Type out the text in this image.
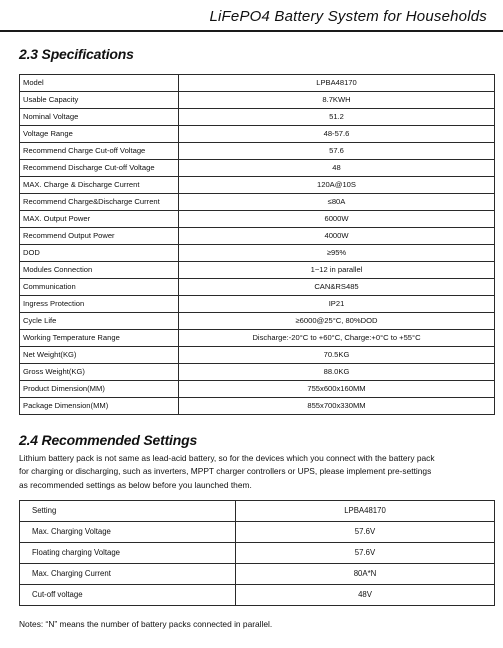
LiFePO4 Battery System for Households
2.3 Specifications
Model	LPBA48170
Usable Capacity	8.7KWH
Nominal Voltage	51.2
Voltage Range	48-57.6
Recommend Charge Cut-off Voltage	57.6
Recommend Discharge Cut-off Voltage	48
MAX. Charge & Discharge Current	120A@10S
Recommend Charge&Discharge Current	≤80A
MAX. Output Power	6000W
Recommend Output Power	4000W
DOD	≥95%
Modules Connection	1~12 in parallel
Communication	CAN&RS485
Ingress Protection	IP21
Cycle Life	≥6000@25°C, 80%DOD
Working Temperature Range	Discharge:-20°C to +60°C, Charge:+0°C to +55°C
Net Weight(KG)	70.5KG
Gross Weight(KG)	88.0KG
Product Dimension(MM)	755x600x160MM
Package Dimension(MM)	855x700x330MM
2.4 Recommended Settings

Lithium battery pack is not same as lead-acid battery, so for the devices which you connect with the battery pack
for charging or discharging, such as inverters, MPPT charger controllers or UPS, please implement pre-settings
as recommended settings as below before you launched them.

Setting	LPBA48170
Max. Charging Voltage	57.6V
Floating charging Voltage	57.6V
Max. Charging Current	80A*N
Cut-off voltage	48V
Notes: “N” means the number of battery packs connected in parallel.
